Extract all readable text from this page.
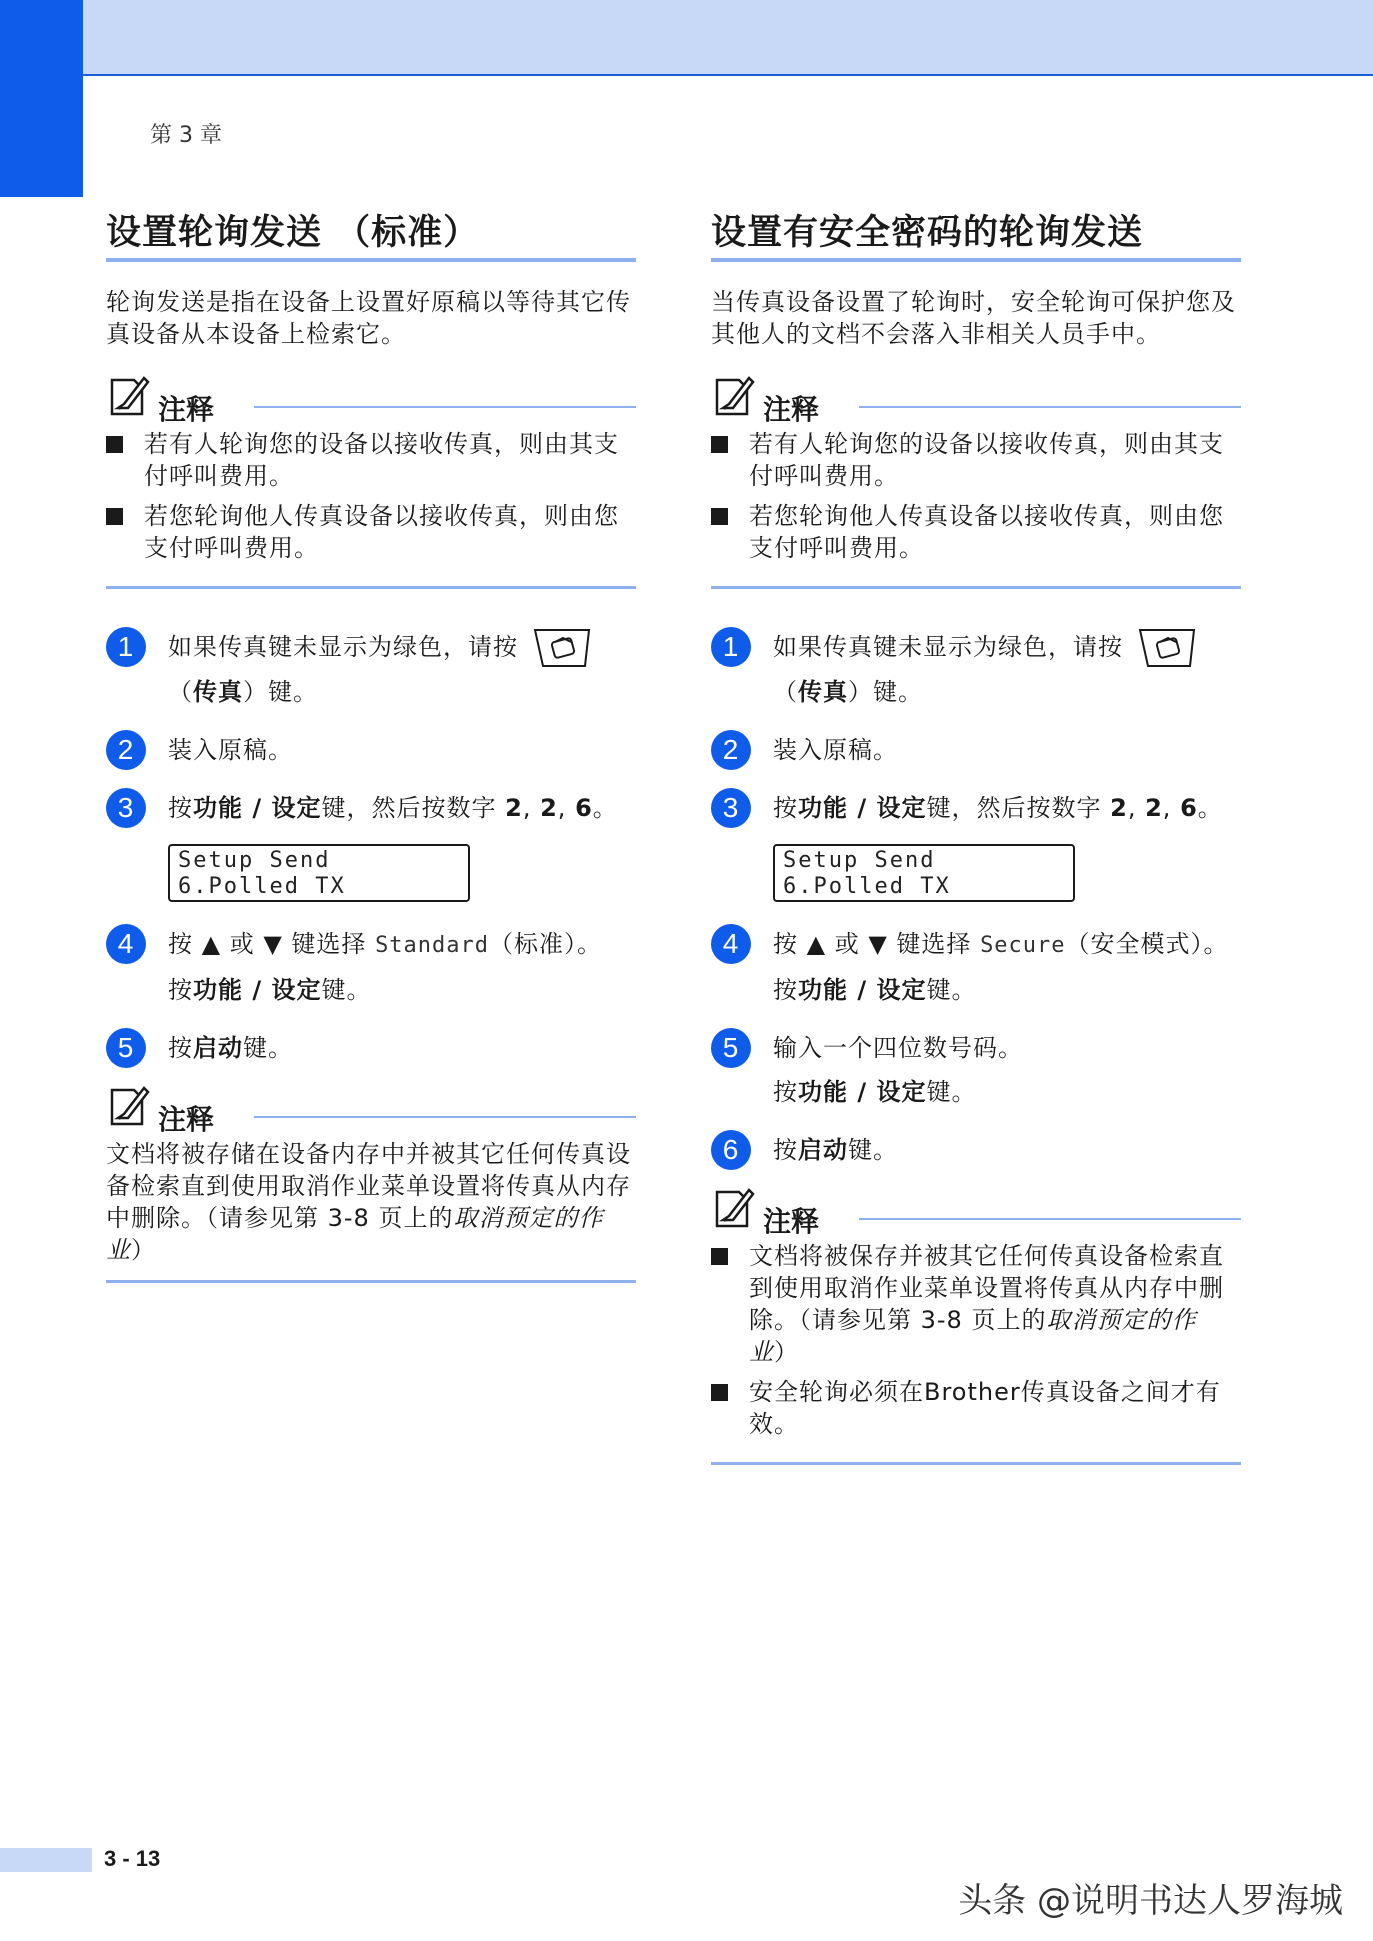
第 3 章
设置轮询发送 （标准）
轮询发送是指在设备上设置好原稿以等待其它传真设备从本设备上检索它。
注释
若有人轮询您的设备以接收传真，则由其支付呼叫费用。
若您轮询他人传真设备以接收传真，则由您支付呼叫费用。
1	如果传真键未显示为绿色，请按
（传真）键。
2	装入原稿。
3	按功能 / 设定键，然后按数字 2, 2, 6。
Setup Send
6.Polled TX
4	按 ▲ 或 ▼ 键选择 Standard（标准）。
按功能 / 设定键。
5	按启动键。
注释
文档将被存储在设备内存中并被其它任何传真设备检索直到使用取消作业菜单设置将传真从内存中删除。（请参见第 3-8 页上的取消预定的作业）
设置有安全密码的轮询发送
当传真设备设置了轮询时，安全轮询可保护您及其他人的文档不会落入非相关人员手中。
注释
若有人轮询您的设备以接收传真，则由其支付呼叫费用。
若您轮询他人传真设备以接收传真，则由您支付呼叫费用。
1	如果传真键未显示为绿色，请按
（传真）键。
2	装入原稿。
3	按功能 / 设定键，然后按数字 2, 2, 6。
Setup Send
6.Polled TX
4	按 ▲ 或 ▼ 键选择 Secure（安全模式）。
按功能 / 设定键。
5	输入一个四位数号码。
按功能 / 设定键。
6	按启动键。
注释
文档将被保存并被其它任何传真设备检索直到使用取消作业菜单设置将传真从内存中删除。（请参见第 3-8 页上的取消预定的作业）
安全轮询必须在Brother传真设备之间才有效。
3 - 13
头条 @说明书达人罗海城
